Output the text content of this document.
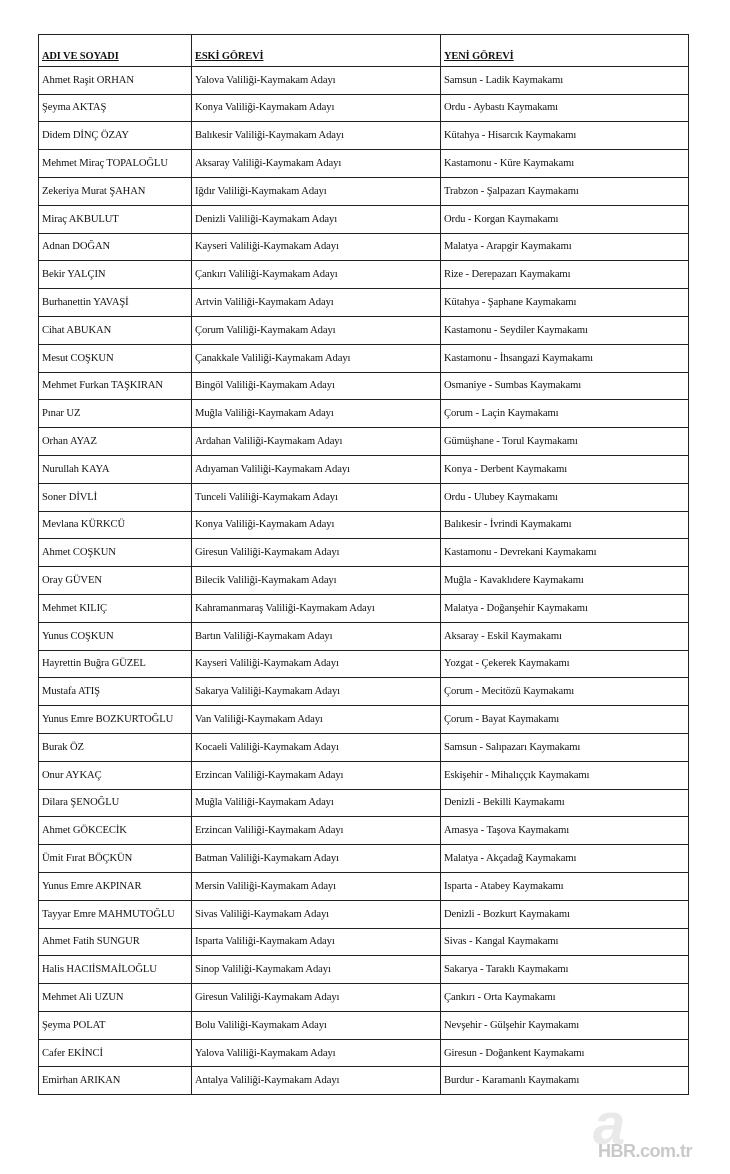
ADI VE SOYADI	ESKİ GÖREVİ	YENİ GÖREVİ
Ahmet Raşit ORHAN	Yalova Valiliği-Kaymakam Adayı	Samsun - Ladik Kaymakamı
Şeyma AKTAŞ	Konya Valiliği-Kaymakam Adayı	Ordu - Aybastı Kaymakamı
Didem DİNÇ ÖZAY	Balıkesir Valiliği-Kaymakam Adayı	Kütahya - Hisarcık Kaymakamı
Mehmet Miraç TOPALOĞLU	Aksaray Valiliği-Kaymakam Adayı	Kastamonu - Küre Kaymakamı
Zekeriya Murat ŞAHAN	Iğdır Valiliği-Kaymakam Adayı	Trabzon - Şalpazarı Kaymakamı
Miraç AKBULUT	Denizli Valiliği-Kaymakam Adayı	Ordu - Korgan Kaymakamı
Adnan DOĞAN	Kayseri Valiliği-Kaymakam Adayı	Malatya - Arapgir Kaymakamı
Bekir YALÇIN	Çankırı Valiliği-Kaymakam Adayı	Rize - Derepazarı Kaymakamı
Burhanettin YAVAŞİ	Artvin Valiliği-Kaymakam Adayı	Kütahya - Şaphane Kaymakamı
Cihat ABUKAN	Çorum Valiliği-Kaymakam Adayı	Kastamonu - Seydiler Kaymakamı
Mesut COŞKUN	Çanakkale Valiliği-Kaymakam Adayı	Kastamonu - İhsangazi Kaymakamı
Mehmet Furkan TAŞKIRAN	Bingöl Valiliği-Kaymakam Adayı	Osmaniye - Sumbas Kaymakamı
Pınar UZ	Muğla Valiliği-Kaymakam Adayı	Çorum - Laçin Kaymakamı
Orhan AYAZ	Ardahan Valiliği-Kaymakam Adayı	Gümüşhane - Torul Kaymakamı
Nurullah KAYA	Adıyaman Valiliği-Kaymakam Adayı	Konya - Derbent Kaymakamı
Soner DİVLİ	Tunceli Valiliği-Kaymakam Adayı	Ordu - Ulubey Kaymakamı
Mevlana KÜRKCÜ	Konya Valiliği-Kaymakam Adayı	Balıkesir - İvrindi Kaymakamı
Ahmet COŞKUN	Giresun Valiliği-Kaymakam Adayı	Kastamonu - Devrekani Kaymakamı
Oray GÜVEN	Bilecik Valiliği-Kaymakam Adayı	Muğla - Kavaklıdere Kaymakamı
Mehmet KILIÇ	Kahramanmaraş Valiliği-Kaymakam Adayı	Malatya - Doğanşehir Kaymakamı
Yunus COŞKUN	Bartın Valiliği-Kaymakam Adayı	Aksaray - Eskil Kaymakamı
Hayrettin Buğra GÜZEL	Kayseri Valiliği-Kaymakam Adayı	Yozgat - Çekerek Kaymakamı
Mustafa ATIŞ	Sakarya Valiliği-Kaymakam Adayı	Çorum - Mecitözü Kaymakamı
Yunus Emre BOZKURTOĞLU	Van Valiliği-Kaymakam Adayı	Çorum - Bayat Kaymakamı
Burak ÖZ	Kocaeli Valiliği-Kaymakam Adayı	Samsun - Salıpazarı Kaymakamı
Onur AYKAÇ	Erzincan Valiliği-Kaymakam Adayı	Eskişehir - Mihalıççık Kaymakamı
Dilara ŞENOĞLU	Muğla Valiliği-Kaymakam Adayı	Denizli - Bekilli Kaymakamı
Ahmet GÖKCECİK	Erzincan Valiliği-Kaymakam Adayı	Amasya - Taşova Kaymakamı
Ümit Fırat BÖÇKÜN	Batman Valiliği-Kaymakam Adayı	Malatya - Akçadağ Kaymakamı
Yunus Emre AKPINAR	Mersin Valiliği-Kaymakam Adayı	Isparta - Atabey Kaymakamı
Tayyar Emre MAHMUTOĞLU	Sivas Valiliği-Kaymakam Adayı	Denizli - Bozkurt Kaymakamı
Ahmet Fatih SUNGUR	Isparta Valiliği-Kaymakam Adayı	Sivas - Kangal Kaymakamı
Halis HACIİSMAİLOĞLU	Sinop Valiliği-Kaymakam Adayı	Sakarya - Taraklı Kaymakamı
Mehmet Ali UZUN	Giresun Valiliği-Kaymakam Adayı	Çankırı - Orta Kaymakamı
Şeyma POLAT	Bolu Valiliği-Kaymakam Adayı	Nevşehir - Gülşehir Kaymakamı
Cafer EKİNCİ	Yalova Valiliği-Kaymakam Adayı	Giresun - Doğankent Kaymakamı
Emirhan ARIKAN	Antalya Valiliği-Kaymakam Adayı	Burdur - Karamanlı Kaymakamı
a
HBR.com.tr
